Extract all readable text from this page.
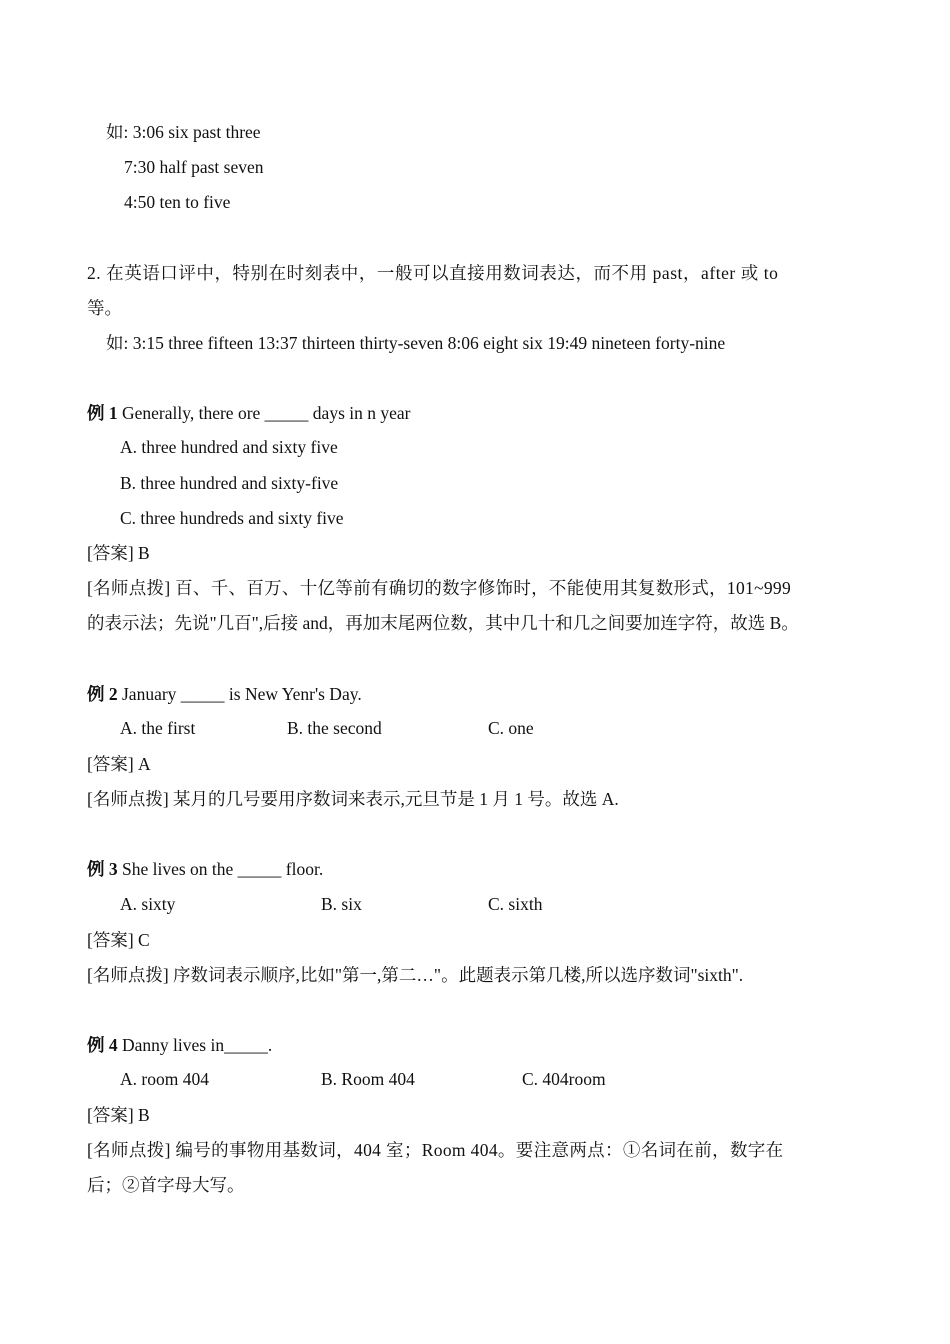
如: 3:06 six past three
7:30 half past seven
4:50 ten to five
2. 在英语口评中，特别在时刻表中，一般可以直接用数词表达，而不用 past，after 或 to
等。
如: 3:15 three fifteen 13:37 thirteen thirty-seven 8:06 eight six 19:49 nineteen forty-nine
例 1 Generally, there ore _____ days in n year
A. three hundred and sixty five
B. three hundred and sixty-five
C. three hundreds and sixty five
[答案] B
[名师点拨] 百、千、百万、十亿等前有确切的数字修饰时，不能使用其复数形式，101~999
的表示法；先说"几百",后接 and，再加末尾两位数，其中几十和几之间要加连字符，故选 B。
例 2 January _____ is New Yenr's Day.
A. the first	B. the second	C. one
[答案] A
[名师点拨] 某月的几号要用序数词来表示,元旦节是 1 月 1 号。故选 A.
例 3 She lives on the _____ floor.
A. sixty	B. six	C. sixth
[答案] C
[名师点拨] 序数词表示顺序,比如"第一,第二…"。此题表示第几楼,所以选序数词"sixth".
例 4 Danny lives in_____.
A. room 404	B. Room 404	C. 404room
[答案] B
[名师点拨] 编号的事物用基数词，404 室；Room 404。要注意两点：①名词在前，数字在
后；②首字母大写。
